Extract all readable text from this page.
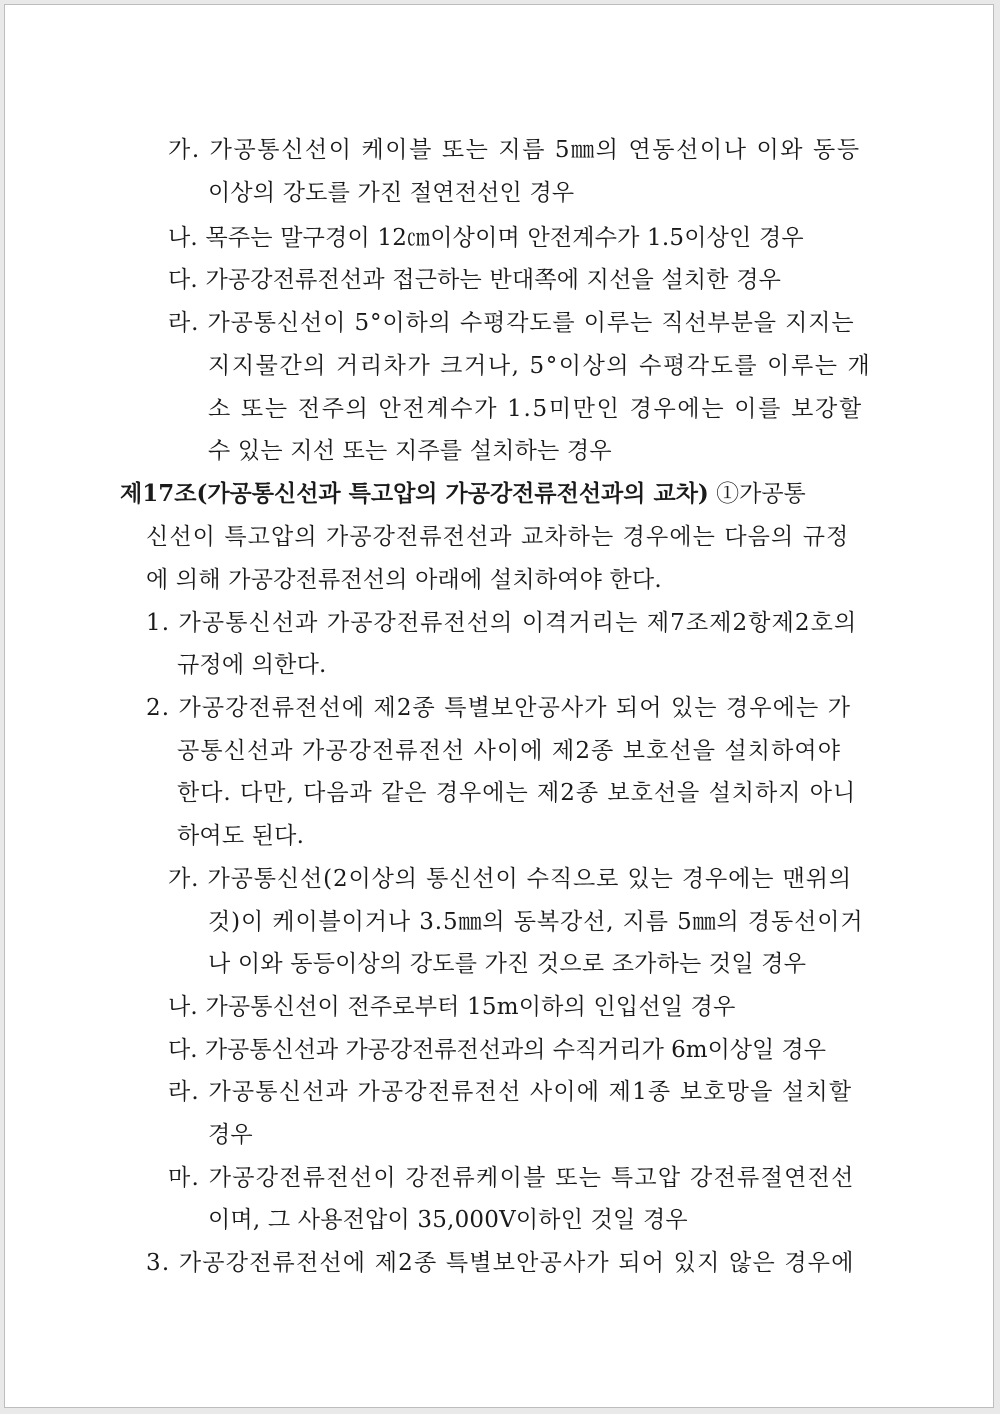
가. 가공통신선이 케이블 또는 지름 5㎜의 연동선이나 이와 동등
이상의 강도를 가진 절연전선인 경우
나. 목주는 말구경이 12㎝이상이며 안전계수가 1.5이상인 경우
다. 가공강전류전선과 접근하는 반대쪽에 지선을 설치한 경우
라. 가공통신선이 5°이하의 수평각도를 이루는 직선부분을 지지는
지지물간의 거리차가 크거나, 5°이상의 수평각도를 이루는 개
소 또는 전주의 안전계수가 1.5미만인 경우에는 이를 보강할
수 있는 지선 또는 지주를 설치하는 경우
제17조(가공통신선과 특고압의 가공강전류전선과의 교차) ①가공통
신선이 특고압의 가공강전류전선과 교차하는 경우에는 다음의 규정
에 의해 가공강전류전선의 아래에 설치하여야 한다.
1. 가공통신선과 가공강전류전선의 이격거리는 제7조제2항제2호의
규정에 의한다.
2. 가공강전류전선에 제2종 특별보안공사가 되어 있는 경우에는 가
공통신선과 가공강전류전선 사이에 제2종 보호선을 설치하여야
한다. 다만, 다음과 같은 경우에는 제2종 보호선을 설치하지 아니
하여도 된다.
가. 가공통신선(2이상의 통신선이 수직으로 있는 경우에는 맨위의
것)이 케이블이거나 3.5㎜의 동복강선, 지름 5㎜의 경동선이거
나 이와 동등이상의 강도를 가진 것으로 조가하는 것일 경우
나. 가공통신선이 전주로부터 15m이하의 인입선일 경우
다. 가공통신선과 가공강전류전선과의 수직거리가 6m이상일 경우
라. 가공통신선과 가공강전류전선 사이에 제1종 보호망을 설치할
경우
마. 가공강전류전선이 강전류케이블 또는 특고압 강전류절연전선
이며, 그 사용전압이 35,000V이하인 것일 경우
3. 가공강전류전선에 제2종 특별보안공사가 되어 있지 않은 경우에
